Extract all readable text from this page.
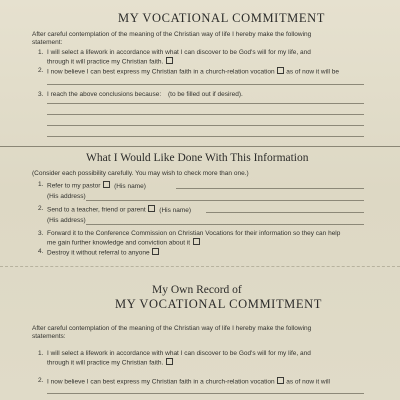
MY VOCATIONAL COMMITMENT
After careful contemplation of the meaning of the Christian way of life I hereby make the following
statement:
1. I will select a lifework in accordance with what I can discover to be God's will for my life, and
through it will practice my Christian faith.
2. I now believe I can best express my Christian faith in a church-relation vocation as of now it will be
3. I reach the above conclusions because: (to be filled out if desired).
What I Would Like Done With This Information
(Consider each possibility carefully. You may wish to check more than one.)
1. Refer to my pastor (His name)
(His address)
2. Send to a teacher, friend or parent (His name)
(His address)
3. Forward it to the Conference Commission on Christian Vocations for their information so they can help
me gain further knowledge and conviction about it
4. Destroy it without referral to anyone
My Own Record of
MY VOCATIONAL COMMITMENT
After careful contemplation of the meaning of the Christian way of life I hereby make the following
statements:
1. I will select a lifework in accordance with what I can discover to be God's will for my life, and
through it will practice my Christian faith.
2. I now believe I can best express my Christian faith in a church-relation vocation as of now it will
